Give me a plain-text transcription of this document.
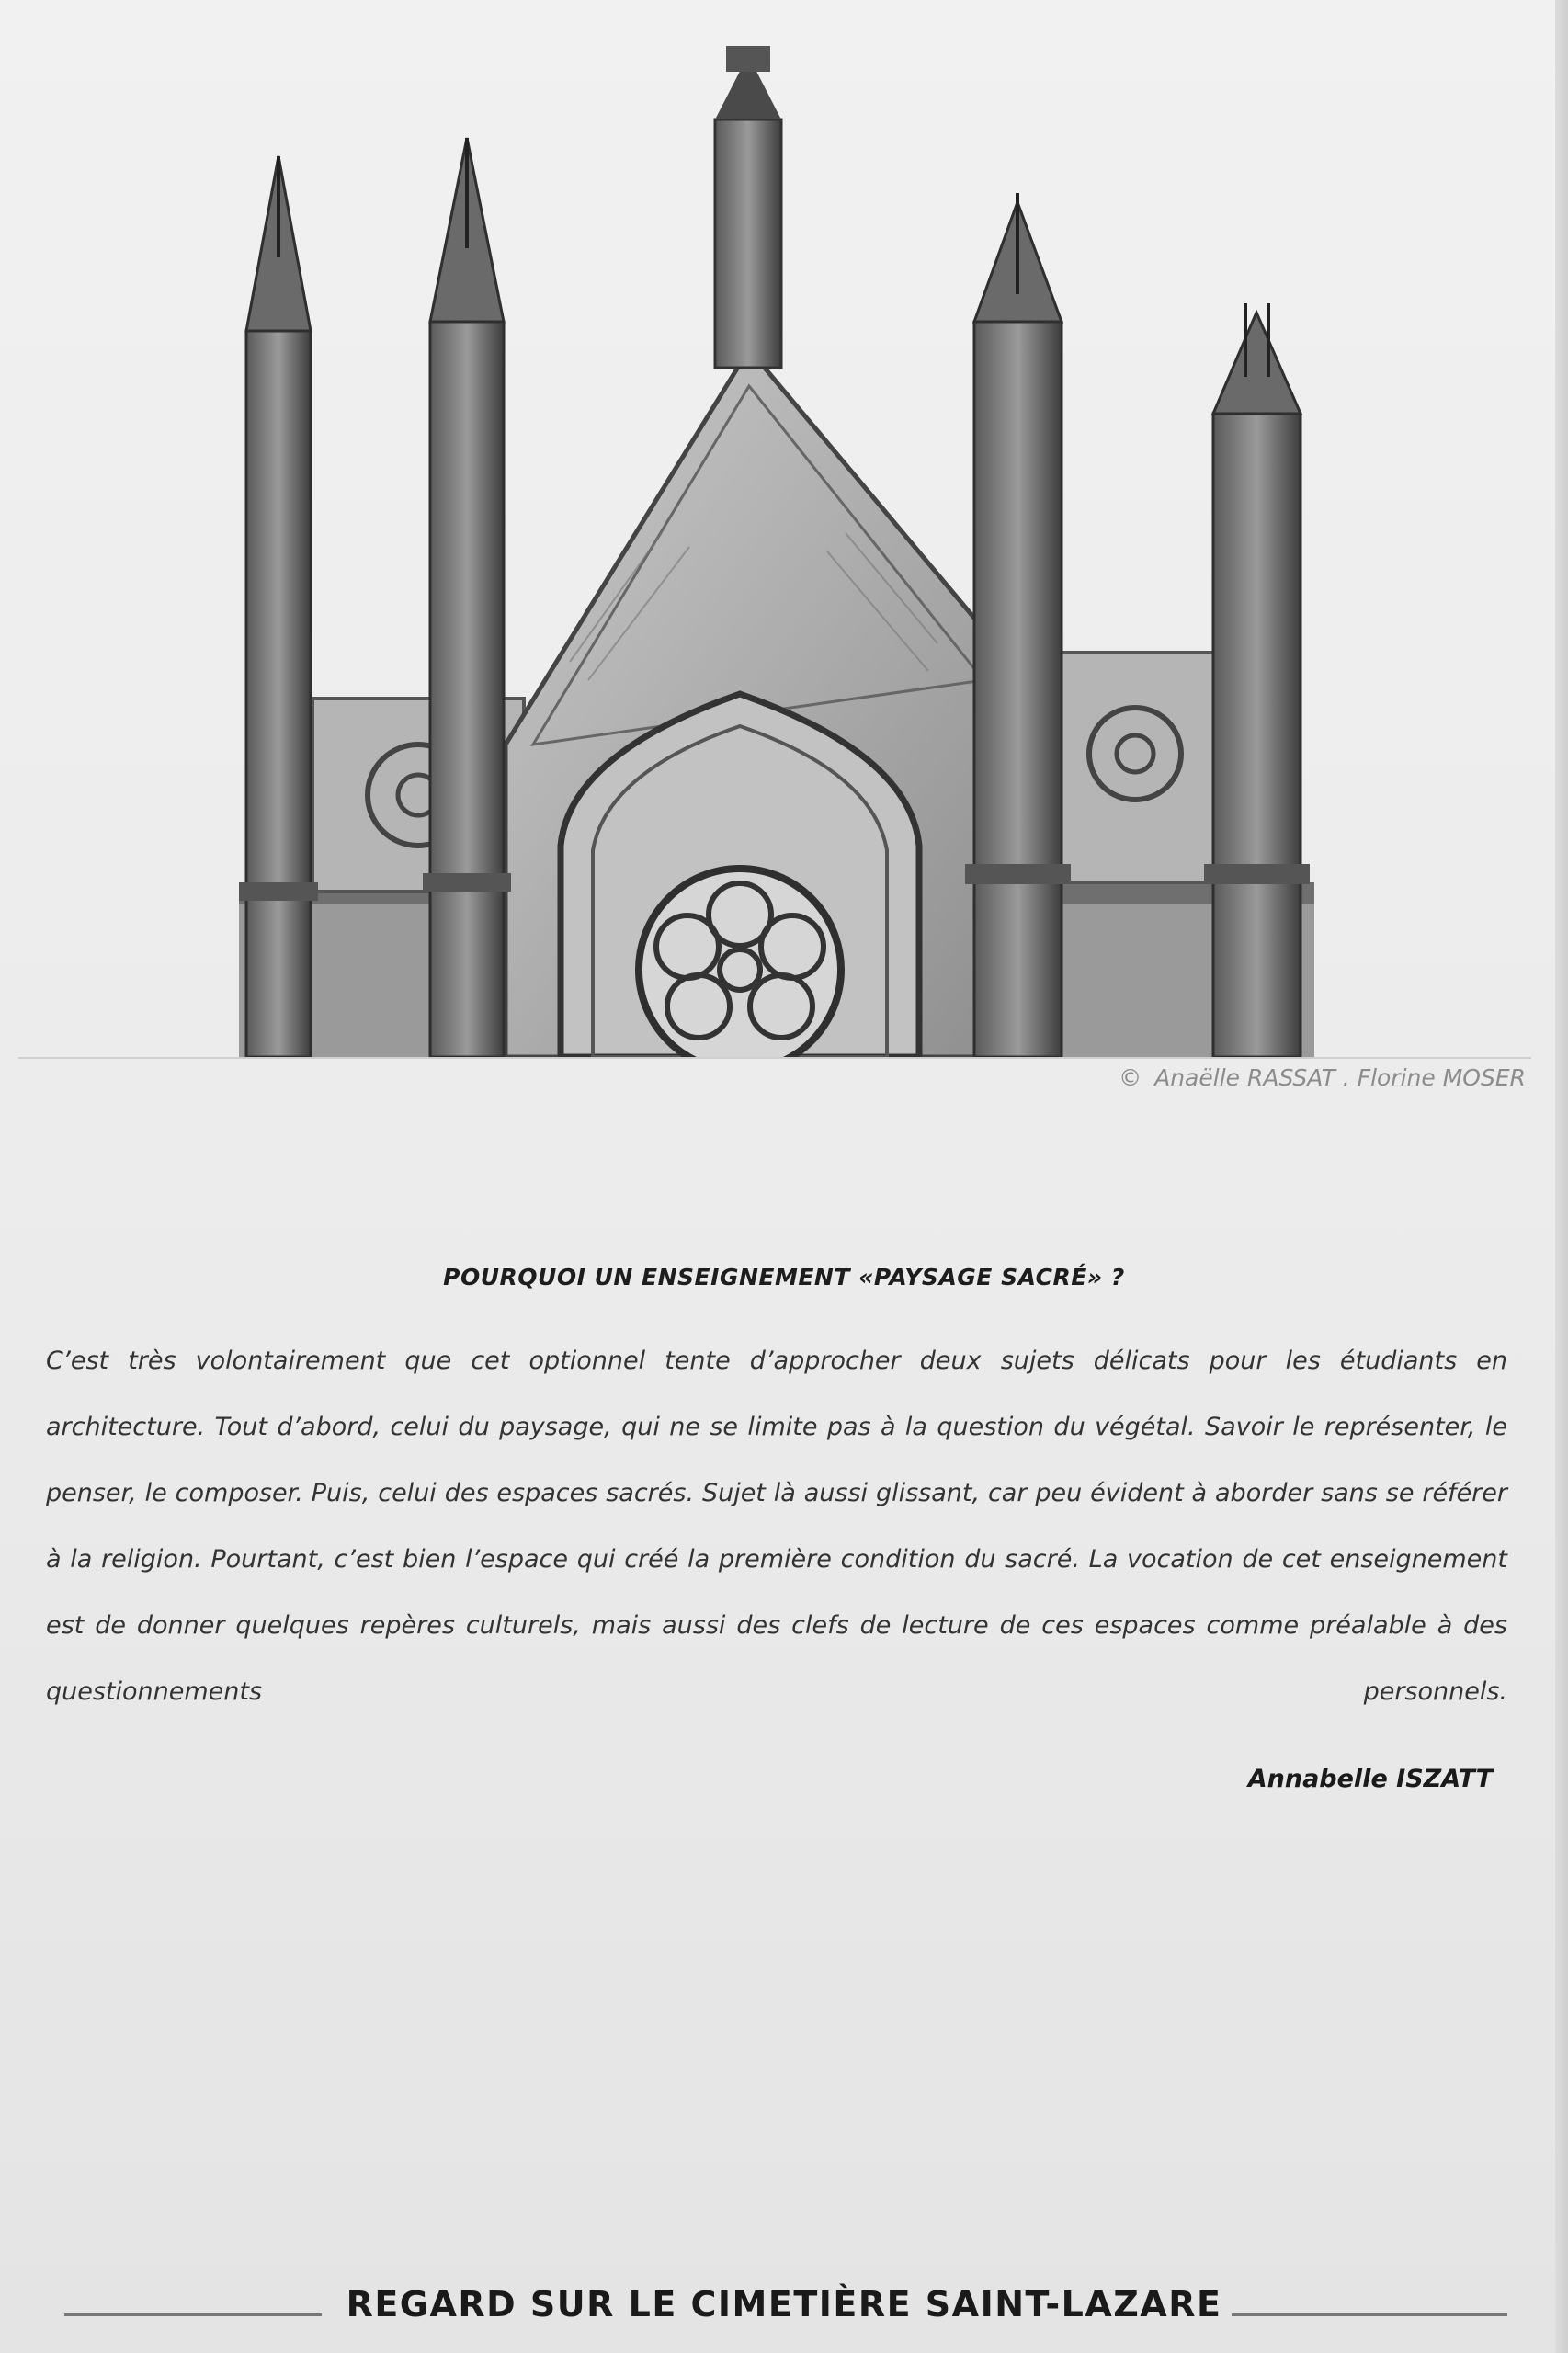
© Anaëlle RASSAT . Florine MOSER
POURQUOI UN ENSEIGNEMENT «PAYSAGE SACRÉ» ?

C’est très volontairement que cet optionnel tente d’approcher deux sujets délicats pour les étudiants en architecture. Tout d’abord, celui du paysage, qui ne se limite pas à la question du végétal. Savoir le représenter, le penser, le composer. Puis, celui des espaces sacrés. Sujet là aussi glissant, car peu évident à aborder sans se référer à la religion. Pourtant, c’est bien l’espace qui créé la première condition du sacré. La vocation de cet enseignement est de donner quelques repères culturels, mais aussi des clefs de lecture de ces espaces comme préalable à des questionnements personnels.

Annabelle ISZATT
REGARD SUR LE CIMETIÈRE SAINT-LAZARE
